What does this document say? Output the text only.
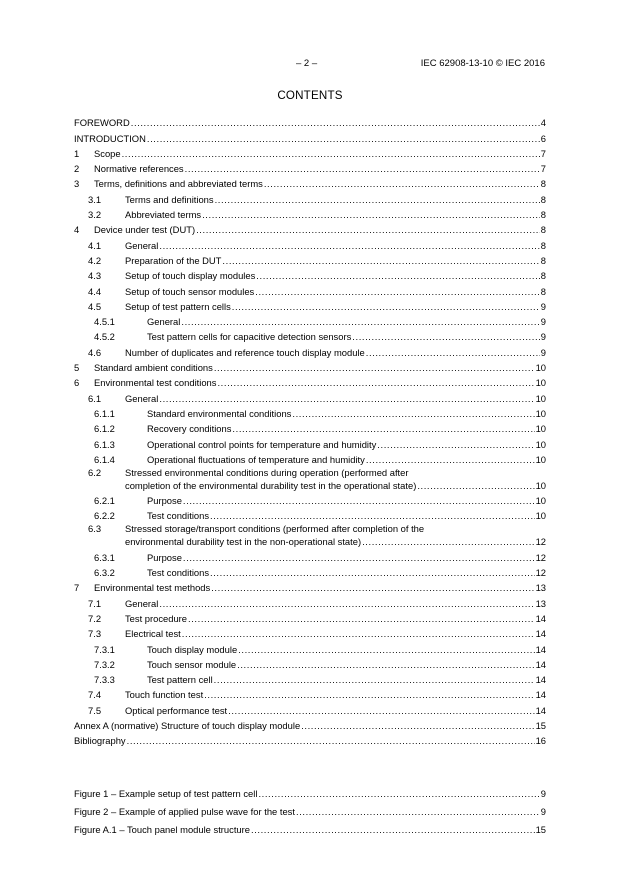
– 2 –	IEC 62908-13-10 © IEC 2016
CONTENTS
FOREWORD .....	4
INTRODUCTION .....	6
1	Scope .....	7
2	Normative references .....	7
3	Terms, definitions and abbreviated terms .....	8
3.1	Terms and definitions .....	8
3.2	Abbreviated terms .....	8
4	Device under test (DUT) .....	8
4.1	General .....	8
4.2	Preparation of the DUT .....	8
4.3	Setup of touch display modules .....	8
4.4	Setup of touch sensor modules .....	8
4.5	Setup of test pattern cells .....	9
4.5.1	General .....	9
4.5.2	Test pattern cells for capacitive detection sensors .....	9
4.6	Number of duplicates and reference touch display module .....	9
5	Standard ambient conditions .....	10
6	Environmental test conditions .....	10
6.1	General .....	10
6.1.1	Standard environmental conditions .....	10
6.1.2	Recovery conditions .....	10
6.1.3	Operational control points for temperature and humidity .....	10
6.1.4	Operational fluctuations of temperature and humidity .....	10
6.2	Stressed environmental conditions during operation (performed after
completion of the environmental durability test in the operational state) .....	10
6.2.1	Purpose .....	10
6.2.2	Test conditions .....	10
6.3	Stressed storage/transport conditions (performed after completion of the
environmental durability test in the non-operational state) .....	12
6.3.1	Purpose .....	12
6.3.2	Test conditions .....	12
7	Environmental test methods .....	13
7.1	General .....	13
7.2	Test procedure .....	14
7.3	Electrical test .....	14
7.3.1	Touch display module .....	14
7.3.2	Touch sensor module .....	14
7.3.3	Test pattern cell .....	14
7.4	Touch function test .....	14
7.5	Optical performance test .....	14
Annex A (normative) Structure of touch display module .....	15
Bibliography .....	16
Figure 1 – Example setup of test pattern cell .....	9
Figure 2 – Example of applied pulse wave for the test .....	9
Figure A.1 – Touch panel module structure .....	15
